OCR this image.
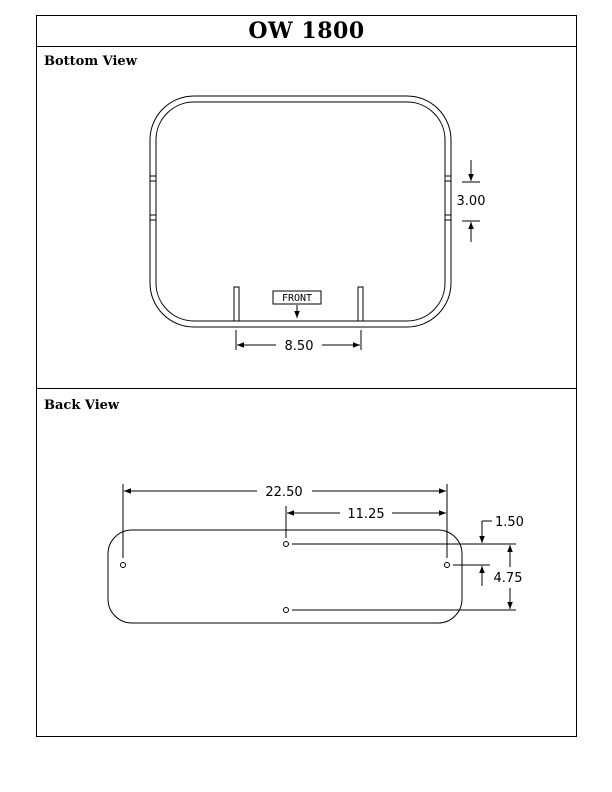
OW 1800
Bottom View
Back View
FRONT
8.50
3.00
22.50
11.25
1.50
4.75
